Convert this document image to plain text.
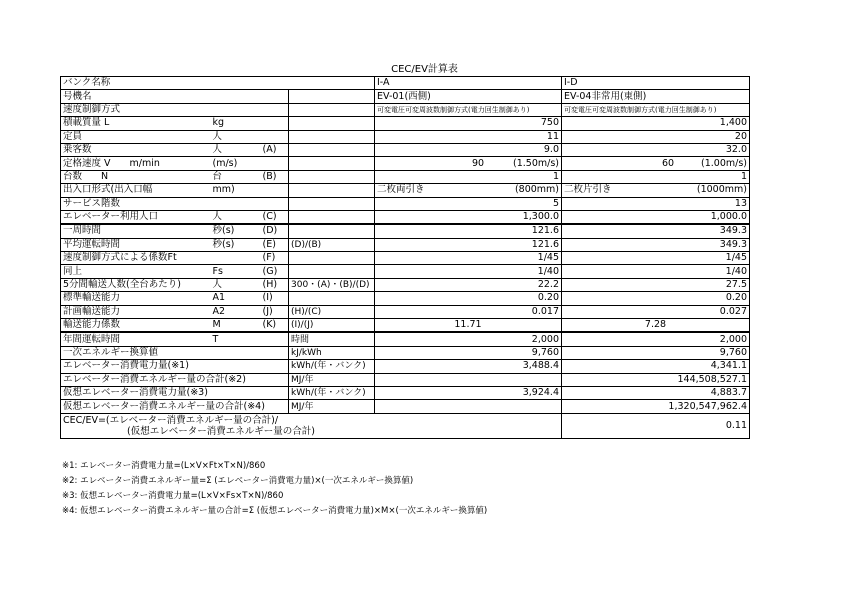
CEC/EV計算表
バンク名称				I-A	I-D
号機名				EV-01(西側)	EV-04非常用(東側)
速度制御方式				可変電圧可変周波数制御方式(電力回生制御あり)	可変電圧可変周波数制御方式(電力回生制御あり)
積載質量 L	kg			750	1,400
定員	人			11	20
乗客数	人	(A)		9.0	32.0
定格速度 V　　m/min	(m/s)			90 (1.50m/s)	60 (1.00m/s)

台数　　N	台	(B)		1	1
出入口形式(出入口幅	mm)			二枚両引き (800mm)	二枚片引き (1000mm)

サービス階数				5	13
エレベーター利用人口	人	(C)		1,300.0	1,000.0
一周時間	秒(s)	(D)		121.6	349.3
平均運転時間	秒(s)	(E)	(D)/(B)	121.6	349.3
速度制御方式による係数Ft		(F)		1/45	1/45
同上	Fs	(G)		1/40	1/40
5分間輸送人数(全台あたり)	人	(H)	300・(A)・(B)/(D)	22.2	27.5
標準輸送能力	A1	(I)		0.20	0.20
計画輸送能力	A2	(J)	(H)/(C)	0.017	0.027
輸送能力係数	M	(K)	(I)/(J)	11.71	7.28
年間運転時間	T		時間	2,000	2,000
一次エネルギー換算値			kJ/kWh	9,760	9,760
エレベーター消費電力量(※1)			kWh/(年・バンク)	3,488.4	4,341.1
エレベーター消費エネルギー量の合計(※2)			MJ/年		144,508,527.1
仮想エレベーター消費電力量(※3)			kWh/(年・バンク)	3,924.4	4,883.7
仮想エレベーター消費エネルギー量の合計(※4)			MJ/年		1,320,547,962.4

CEC/EV=(エレベーター消費エネルギー量の合計)/
(仮想エレベーター消費エネルギー量の合計)					0.11
※1: エレベーター消費電力量=(L×V×Ft×T×N)/860
※2: エレベーター消費エネルギー量=Σ (エレベーター消費電力量)×(一次エネルギー換算値)
※3: 仮想エレベーター消費電力量=(L×V×Fs×T×N)/860
※4: 仮想エレベーター消費エネルギー量の合計=Σ (仮想エレベーター消費電力量)×M×(一次エネルギー換算値)
